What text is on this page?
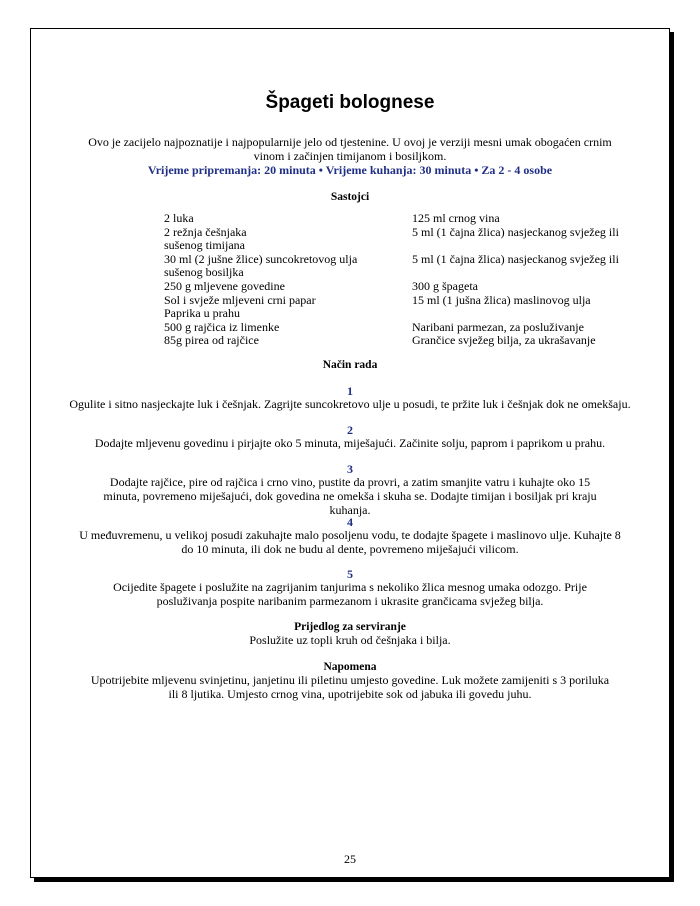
Špageti bolognese

Ovo je zacijelo najpoznatije i najpopularnije jelo od tjestenine. U ovoj je verziji mesni umak obogaćen crnim vinom i začinjen timijanom i bosiljkom.

Vrijeme pripremanja: 20 minuta • Vrijeme kuhanja: 30 minuta • Za 2 - 4 osobe

Sastojci

2 luka
2 režnja češnjaka
sušenog timijana
30 ml (2 jušne žlice) suncokretovog ulja
sušenog bosiljka
250 g mljevene govedine
Sol i svježe mljeveni crni papar
Paprika u prahu
500 g rajčica iz limenke
85g pirea od rajčice
125 ml crnog vina
5 ml (1 čajna žlica) nasjeckanog svježeg ili
5 ml (1 čajna žlica) nasjeckanog svježeg ili
300 g špageta
15 ml (1 jušna žlica) maslinovog ulja
Naribani parmezan, za posluživanje
Grančice svježeg bilja, za ukrašavanje

Način rada

1

Ogulite i sitno nasjeckajte luk i češnjak. Zagrijte suncokretovo ulje u posudi, te pržite luk i češnjak dok ne omekšaju.

2

Dodajte mljevenu govedinu i pirjajte oko 5 minuta, miješajući. Začinite solju, paprom i paprikom u prahu.

3

Dodajte rajčice, pire od rajčica i crno vino, pustite da provri, a zatim smanjite vatru i kuhajte oko 15 minuta, povremeno miješajući, dok govedina ne omekša i skuha se. Dodajte timijan i bosiljak pri kraju kuhanja.

4

U međuvremenu, u velikoj posudi zakuhajte malo posoljenu vodu, te dodajte špagete i maslinovo ulje. Kuhajte 8 do 10 minuta, ili dok ne budu al dente, povremeno miješajući vilicom.

5

Ocijedite špagete i poslužite na zagrijanim tanjurima s nekoliko žlica mesnog umaka odozgo. Prije posluživanja pospite naribanim parmezanom i ukrasite grančicama svježeg bilja.

Prijedlog za serviranje

Poslužite uz topli kruh od češnjaka i bilja.

Napomena

Upotrijebite mljevenu svinjetinu, janjetinu ili piletinu umjesto govedine. Luk možete zamijeniti s 3 poriluka ili 8 ljutika. Umjesto crnog vina, upotrijebite sok od jabuka ili govedu juhu.

25
